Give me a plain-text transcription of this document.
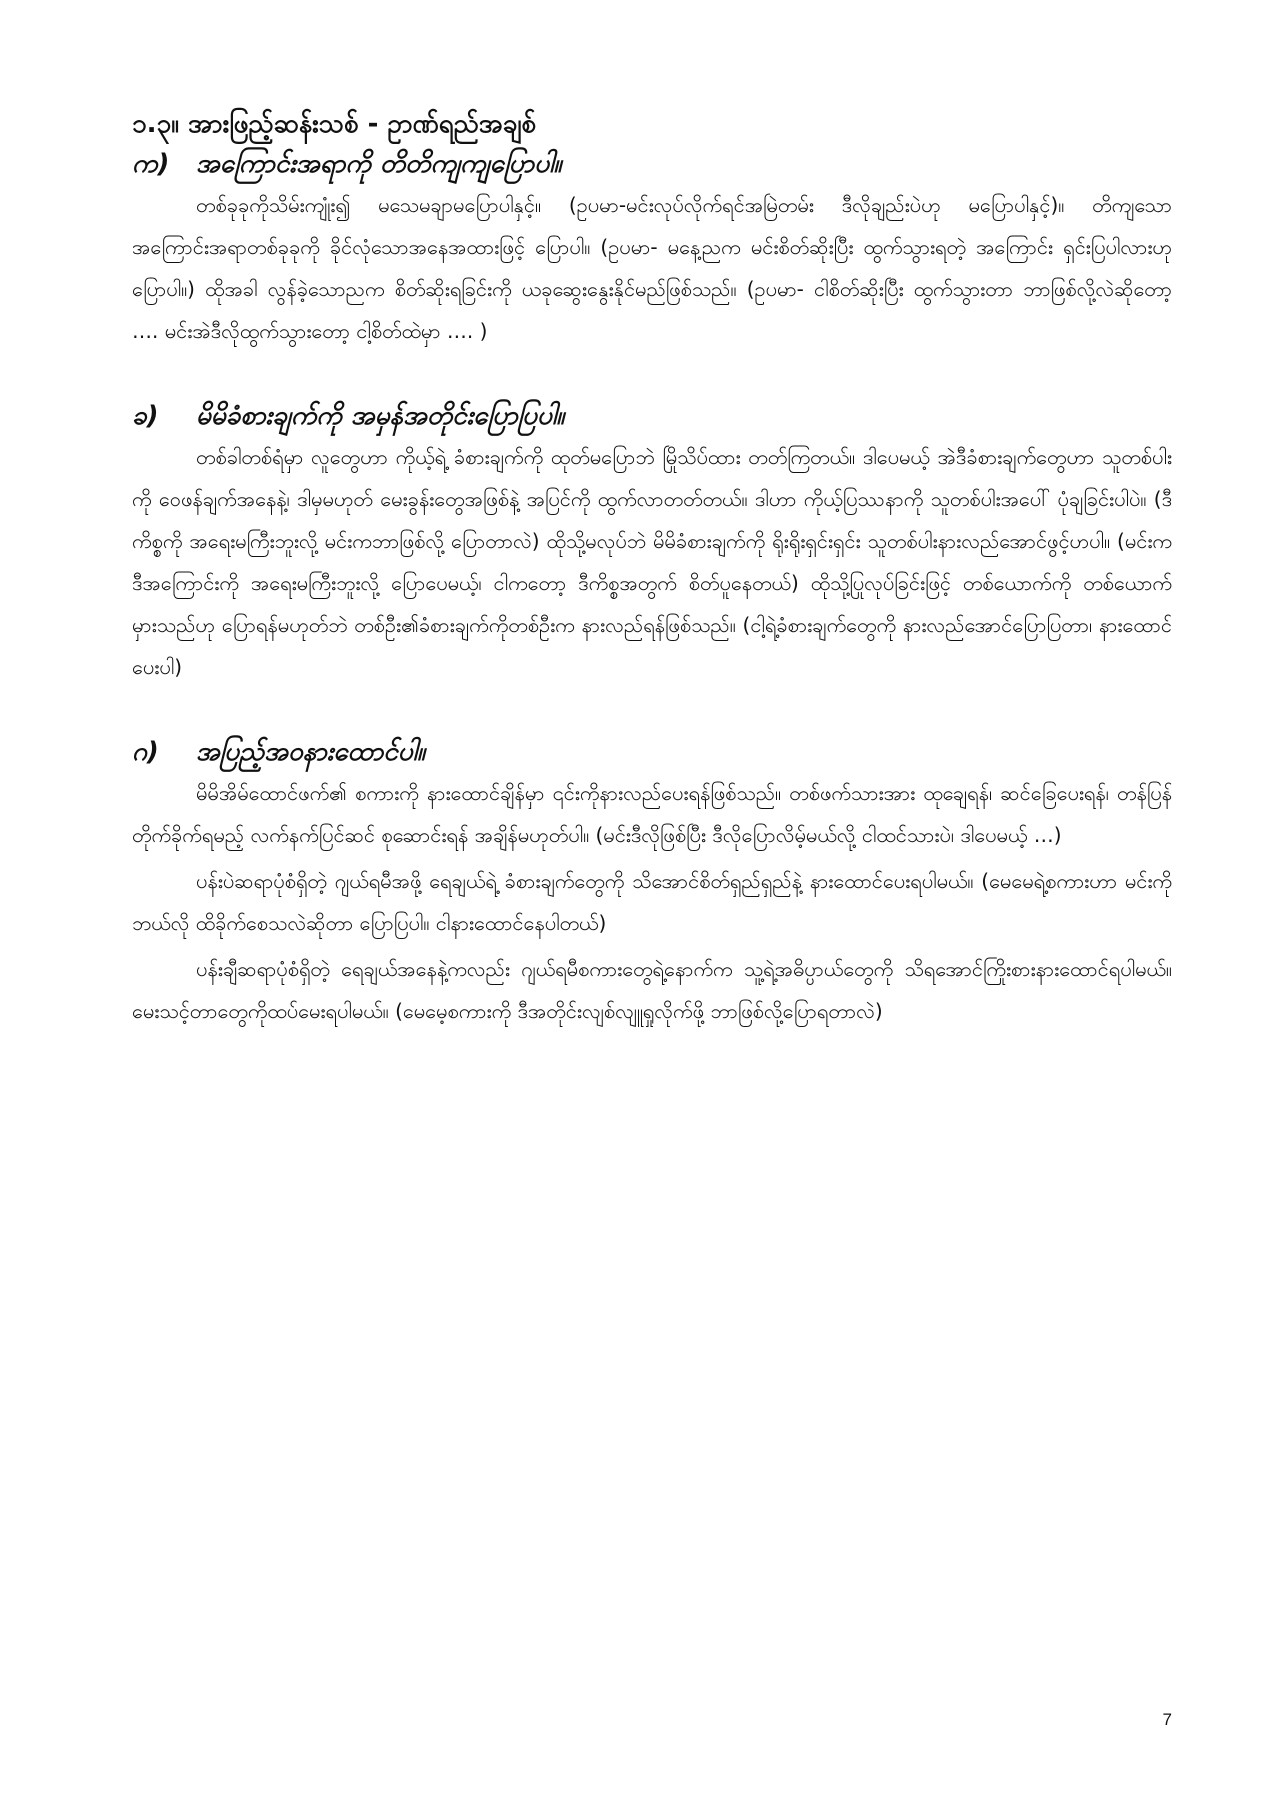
၁.၃။ အားဖြည့်ဆန်းသစ် - ဥာဏ်ရည်အချစ်
က)	အကြောင်းအရာကို တိတိကျကျပြောပါ။

တစ်ခုခုကိုသိမ်းကျုံး၍ မသေမချာမပြောပါနှင့်။ (ဥပမာ-မင်းလုပ်လိုက်ရင်အမြဲတမ်း ဒီလိုချည်းပဲဟု မပြောပါနှင့်)။ တိကျသောအကြောင်းအရာတစ်ခုခုကို ခိုင်လုံသောအနေအထားဖြင့် ပြောပါ။ (ဥပမာ- မနေ့ညက မင်းစိတ်ဆိုးပြီး ထွက်သွားရတဲ့ အကြောင်း ရှင်းပြပါလားဟု ပြောပါ။) ထိုအခါ လွန်ခဲ့သောညက စိတ်ဆိုးရခြင်းကို ယခုဆွေးနွေးနိုင်မည်ဖြစ်သည်။ (ဥပမာ- ငါစိတ်ဆိုးပြီး ထွက်သွားတာ ဘာဖြစ်လို့လဲဆိုတော့ …. မင်းအဲဒီလိုထွက်သွားတော့ ငါ့စိတ်ထဲမှာ …. )

ခ)	မိမိခံစားချက်ကို အမှန်အတိုင်းပြောပြပါ။

တစ်ခါတစ်ရံမှာ လူတွေဟာ ကိုယ့်ရဲ့ ခံစားချက်ကို ထုတ်မပြောဘဲ မြိုသိပ်ထား တတ်ကြတယ်။ ဒါပေမယ့် အဲဒီခံစားချက်တွေဟာ သူတစ်ပါးကို ဝေဖန်ချက်အနေနဲ့၊ ဒါမှမဟုတ် မေးခွန်းတွေအဖြစ်နဲ့ အပြင်ကို ထွက်လာတတ်တယ်။ ဒါဟာ ကိုယ့်ပြဿနာကို သူတစ်ပါးအပေါ် ပုံချခြင်းပါပဲ။ (ဒီကိစ္စကို အရေးမကြီးဘူးလို့ မင်းကဘာဖြစ်လို့ ပြောတာလဲ) ထိုသို့မလုပ်ဘဲ မိမိခံစားချက်ကို ရိုးရိုးရှင်းရှင်း သူတစ်ပါးနားလည်အောင်ဖွင့်ဟပါ။ (မင်းကဒီအကြောင်းကို အရေးမကြီးဘူးလို့ ပြောပေမယ့်၊ ငါကတော့ ဒီကိစ္စအတွက် စိတ်ပူနေတယ်) ထိုသို့ပြုလုပ်ခြင်းဖြင့် တစ်ယောက်ကို တစ်ယောက် မှားသည်ဟု ပြောရန်မဟုတ်ဘဲ တစ်ဦး၏ခံစားချက်ကိုတစ်ဦးက နားလည်ရန်ဖြစ်သည်။ (ငါ့ရဲ့ခံစားချက်တွေကို နားလည်အောင်ပြောပြတာ၊ နားထောင်ပေးပါ)

ဂ)	အပြည့်အဝနားထောင်ပါ။

မိမိအိမ်ထောင်ဖက်၏ စကားကို နားထောင်ချိန်မှာ ၎င်းကိုနားလည်ပေးရန်ဖြစ်သည်။ တစ်ဖက်သားအား ထုချေရန်၊ ဆင်ခြေပေးရန်၊ တန်ပြန်တိုက်ခိုက်ရမည့် လက်နက်ပြင်ဆင် စုဆောင်းရန် အချိန်မဟုတ်ပါ။ (မင်းဒီလိုဖြစ်ပြီး ဒီလိုပြောလိမ့်မယ်လို့ ငါထင်သားပဲ၊ ဒါပေမယ့် …)

ပန်းပဲဆရာပုံစံရှိတဲ့ ဂျယ်ရမီအဖို့ ရေချယ်ရဲ့ ခံစားချက်တွေကို သိအောင်စိတ်ရှည်ရှည်နဲ့ နားထောင်ပေးရပါမယ်။ (မေမေရဲ့စကားဟာ မင်းကိုဘယ်လို ထိခိုက်စေသလဲဆိုတာ ပြောပြပါ။ ငါနားထောင်နေပါတယ်)

ပန်းချီဆရာပုံစံရှိတဲ့ ရေချယ်အနေနဲ့ကလည်း ဂျယ်ရမီစကားတွေရဲ့နောက်က သူ့ရဲ့အဓိပ္ပာယ်တွေကို သိရအောင်ကြိုးစားနားထောင်ရပါမယ်။ မေးသင့်တာတွေကိုထပ်မေးရပါမယ်။ (မေမေ့စကားကို ဒီအတိုင်းလျစ်လျူရှုလိုက်ဖို့ ဘာဖြစ်လို့ပြောရတာလဲ)

7
